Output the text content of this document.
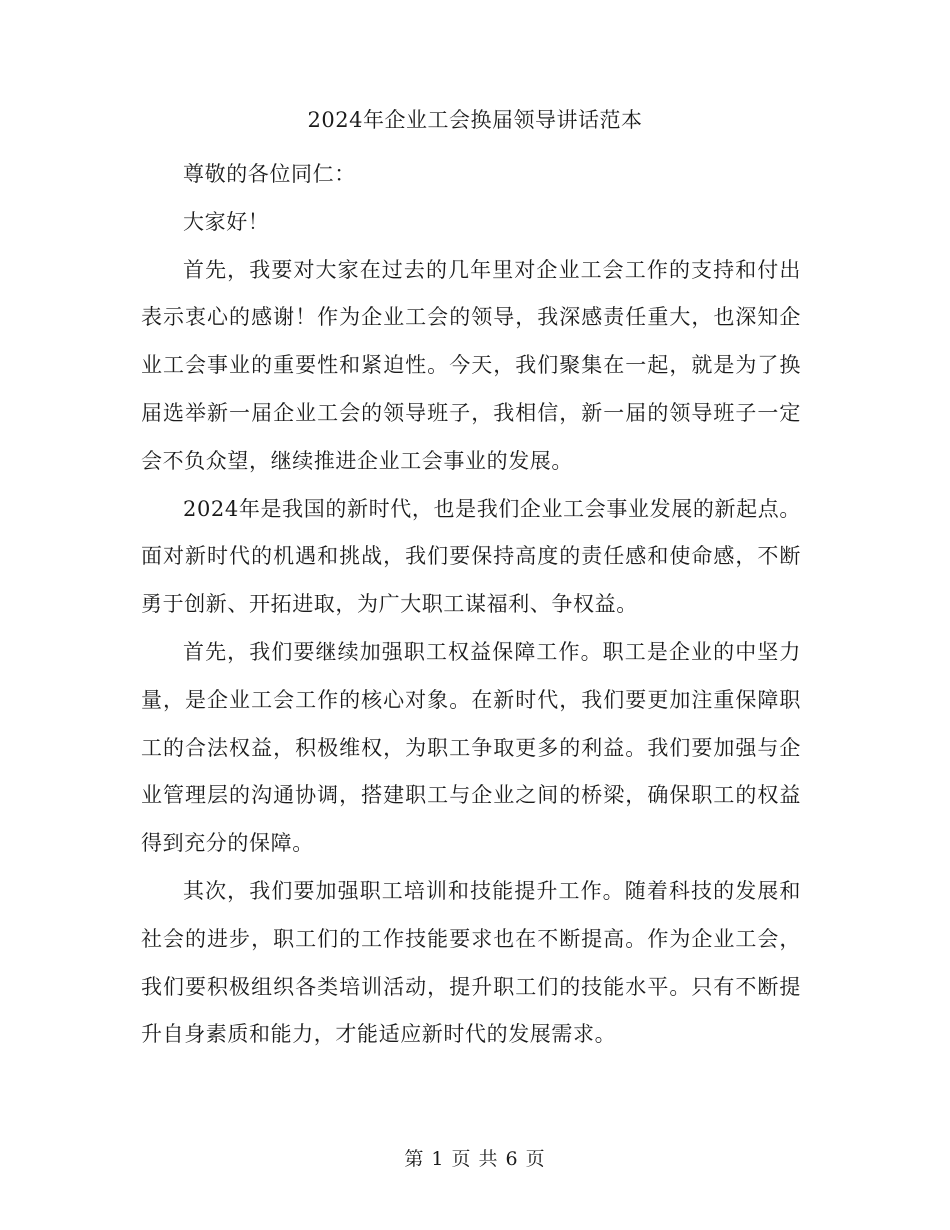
2024年企业工会换届领导讲话范本

尊敬的各位同仁：

大家好！

首先，我要对大家在过去的几年里对企业工会工作的支持和付出表示衷心的感谢！作为企业工会的领导，我深感责任重大，也深知企业工会事业的重要性和紧迫性。今天，我们聚集在一起，就是为了换届选举新一届企业工会的领导班子，我相信，新一届的领导班子一定会不负众望，继续推进企业工会事业的发展。

2024年是我国的新时代，也是我们企业工会事业发展的新起点。面对新时代的机遇和挑战，我们要保持高度的责任感和使命感，不断勇于创新、开拓进取，为广大职工谋福利、争权益。

首先，我们要继续加强职工权益保障工作。职工是企业的中坚力量，是企业工会工作的核心对象。在新时代，我们要更加注重保障职工的合法权益，积极维权，为职工争取更多的利益。我们要加强与企业管理层的沟通协调，搭建职工与企业之间的桥梁，确保职工的权益得到充分的保障。

其次，我们要加强职工培训和技能提升工作。随着科技的发展和社会的进步，职工们的工作技能要求也在不断提高。作为企业工会，我们要积极组织各类培训活动，提升职工们的技能水平。只有不断提升自身素质和能力，才能适应新时代的发展需求。

第 1 页 共 6 页
